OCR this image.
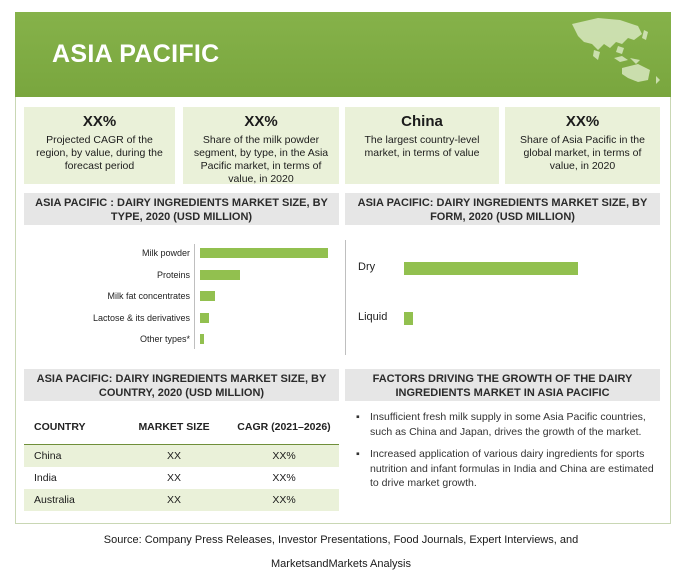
ASIA PACIFIC
XX%
Projected CAGR of the region, by value, during the forecast period
XX%
Share of the milk powder segment, by type, in the Asia Pacific market, in terms of value, in 2020
China
The largest country-level market, in terms of value
XX%
Share of Asia Pacific in the global market, in terms of value, in 2020
ASIA PACIFIC : DAIRY INGREDIENTS MARKET SIZE, BY TYPE, 2020 (USD MILLION)
ASIA PACIFIC: DAIRY INGREDIENTS MARKET SIZE, BY FORM, 2020 (USD MILLION)
Milk powder
Proteins
Milk fat concentrates
Lactose & its derivatives
Other types*
Dry
Liquid
ASIA PACIFIC: DAIRY INGREDIENTS MARKET SIZE, BY COUNTRY, 2020 (USD MILLION)
FACTORS DRIVING THE GROWTH OF THE DAIRY INGREDIENTS MARKET IN ASIA PACIFIC
COUNTRY	MARKET SIZE	CAGR (2021–2026)
China	XX	XX%
India	XX	XX%
Australia	XX	XX%
▪ Insufficient fresh milk supply in some Asia Pacific countries, such as China and Japan, drives the growth of the market.
▪ Increased application of various dairy ingredients for sports nutrition and infant formulas in India and China are estimated to drive market growth.
Source: Company Press Releases, Investor Presentations, Food Journals, Expert Interviews, and
MarketsandMarkets Analysis
